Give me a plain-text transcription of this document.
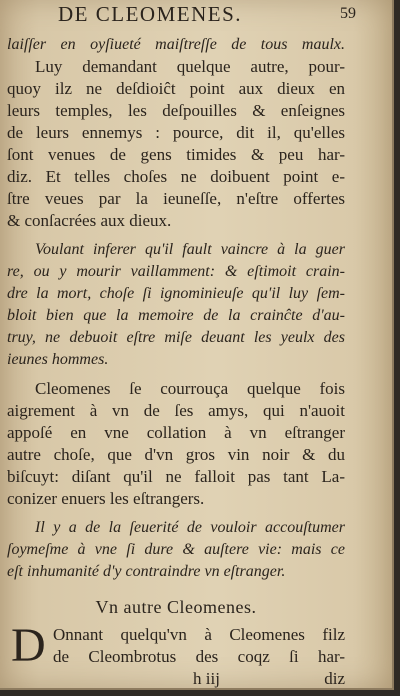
DE CLEOMENES.	59
laiſſer en oyſiueté maiſtreſſe de tous maulx.
Luy demandant quelque autre, pour-
quoy ilz ne deſdioiĉt point aux dieux en
leurs temples, les deſpouilles & enſeignes
de leurs ennemys : pource, dit il, qu'elles
ſont venues de gens timides & peu har-
diz. Et telles choſes ne doibuent point e-
ſtre veues par la ieuneſſe, n'eſtre offertes
& conſacrées aux dieux.
Voulant inferer qu'il fault vaincre à la guer
re, ou y mourir vaillamment: & eſtimoit crain-
dre la mort, choſe ſi ignominieuſe qu'il luy ſem-
bloit bien que la memoire de la crainĉte d'au-
truy, ne debuoit eſtre miſe deuant les yeulx des
ieunes hommes.
Cleomenes ſe courrouça quelque fois
aigrement à vn de ſes amys, qui n'auoit
appoſé en vne collation à vn eſtranger
autre choſe, que d'vn gros vin noir & du
biſcuyt: diſant qu'il ne falloit pas tant La-
conizer enuers les eſtrangers.
Il y a de la ſeuerité de vouloir accouſtumer
ſoymeſme à vne ſi dure & auſtere vie: mais ce
eſt inhumanité d'y contraindre vn eſtranger.
Vn autre Cleomenes.
D Onnant quelqu'vn à Cleomenes filz
de Cleombrotus des coqz ſi har-
h iij	diz
